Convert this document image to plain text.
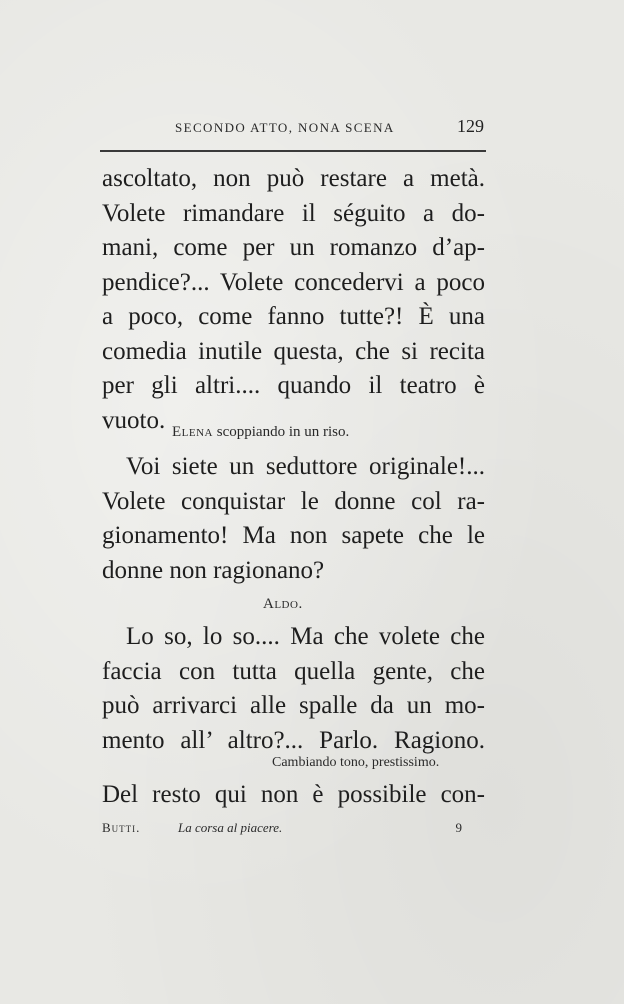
SECONDO ATTO, NONA SCENA	129
ascoltato, non può restare a metà.
Volete rimandare il séguito a do-
mani, come per un romanzo d’ap-
pendice?... Volete concedervi a poco
a poco, come fanno tutte?! È una
comedia inutile questa, che si recita
per gli altri.... quando il teatro è
vuoto. Elena scoppiando in un riso.
Voi siete un seduttore originale!...
Volete conquistar le donne col ra-
gionamento! Ma non sapete che le
donne non ragionano?
Aldo.
Lo so, lo so.... Ma che volete che
faccia con tutta quella gente, che
può arrivarci alle spalle da un mo-
mento all’ altro?... Parlo. Ragiono.
Cambiando tono, prestissimo.
Del resto qui non è possibile con-
Butti.	La corsa al piacere.	9
